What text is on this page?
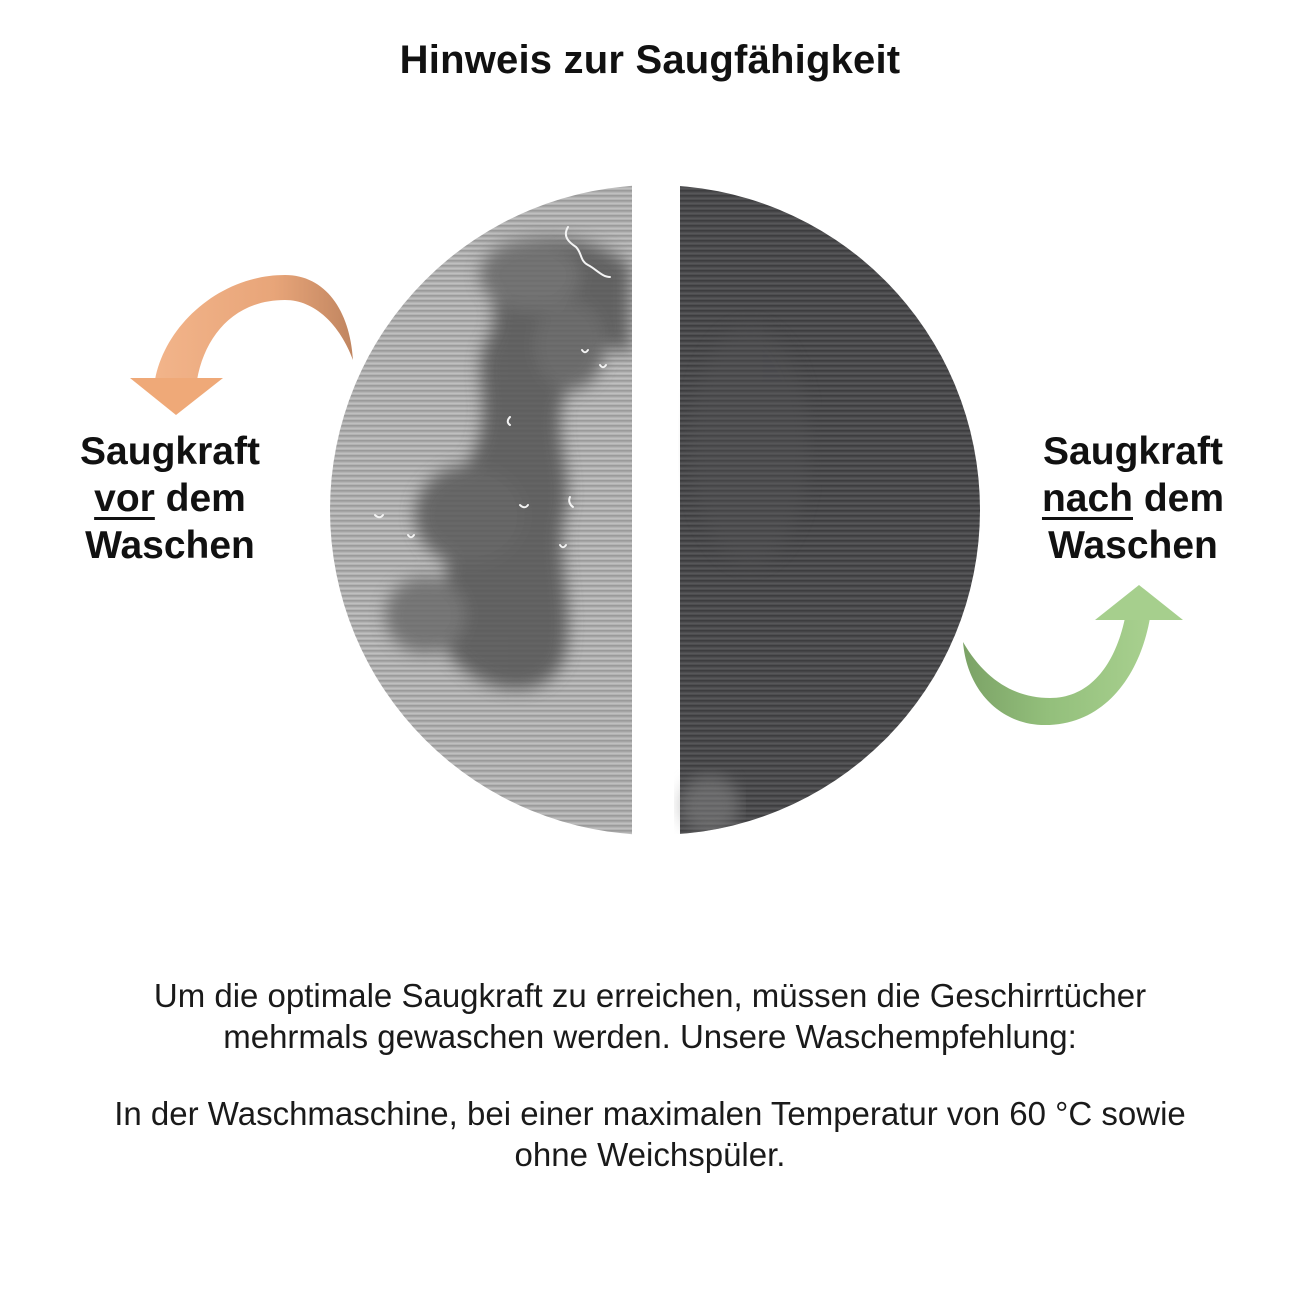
Hinweis zur Saugfähigkeit
Saugkraft
vor dem
Waschen
Saugkraft
nach dem
Waschen
Um die optimale Saugkraft zu erreichen, müssen die Geschirrtücher
mehrmals gewaschen werden. Unsere Waschempfehlung:
In der Waschmaschine, bei einer maximalen Temperatur von 60 °C sowie
ohne Weichspüler.
